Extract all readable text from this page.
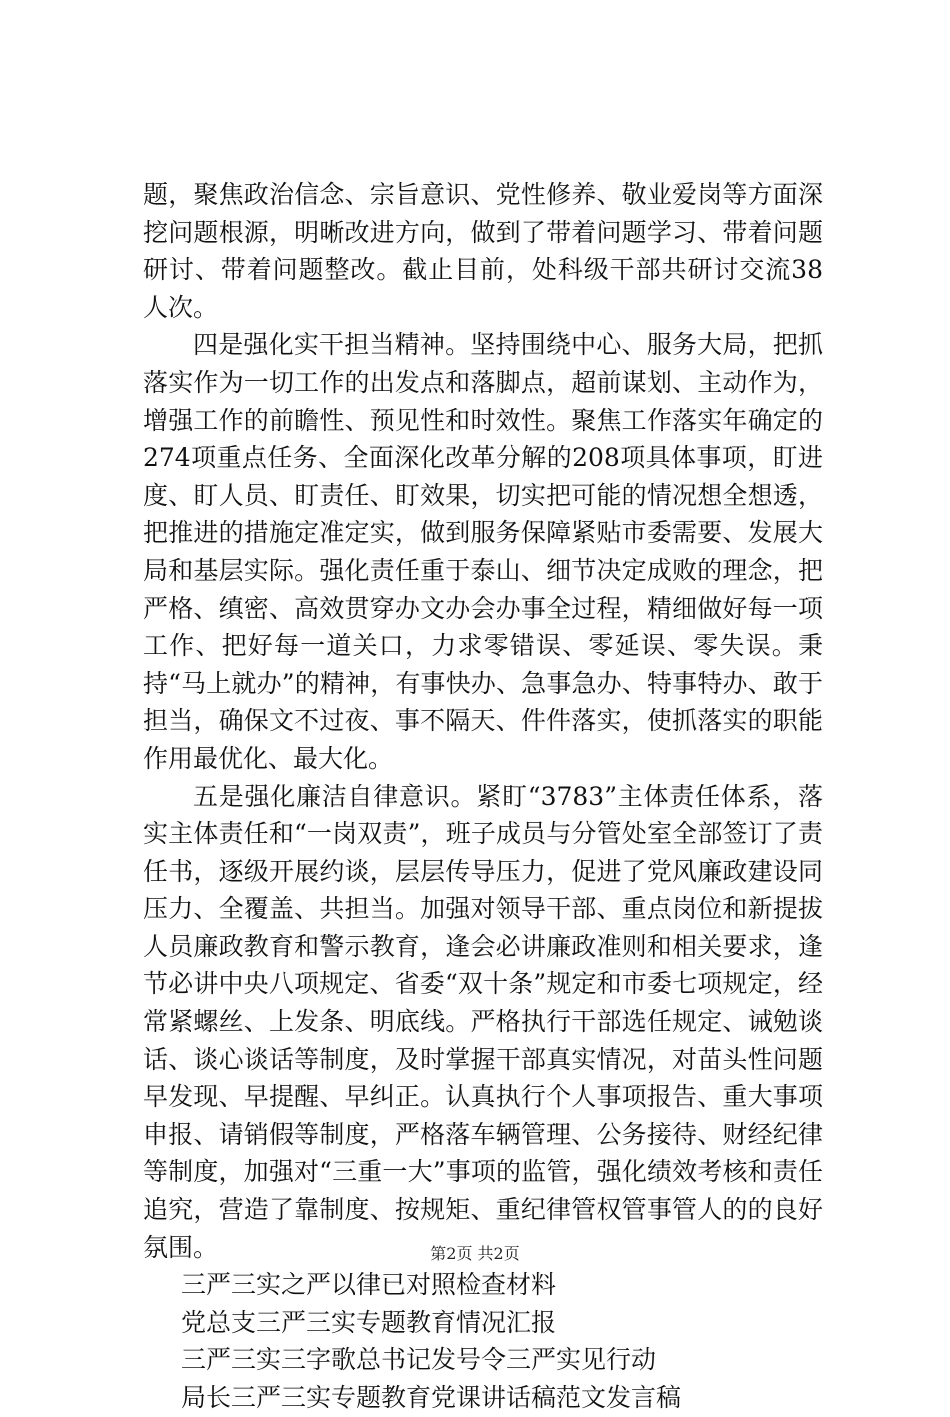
题，聚焦政治信念、宗旨意识、党性修养、敬业爱岗等方面深挖问题根源，明晰改进方向，做到了带着问题学习、带着问题研讨、带着问题整改。截止目前，处科级干部共研讨交流38人次。

四是强化实干担当精神。坚持围绕中心、服务大局，把抓落实作为一切工作的出发点和落脚点，超前谋划、主动作为，增强工作的前瞻性、预见性和时效性。聚焦工作落实年确定的274项重点任务、全面深化改革分解的208项具体事项，盯进度、盯人员、盯责任、盯效果，切实把可能的情况想全想透，把推进的措施定准定实，做到服务保障紧贴市委需要、发展大局和基层实际。强化责任重于泰山、细节决定成败的理念，把严格、缜密、高效贯穿办文办会办事全过程，精细做好每一项工作、把好每一道关口，力求零错误、零延误、零失误。秉持“马上就办”的精神，有事快办、急事急办、特事特办、敢于担当，确保文不过夜、事不隔天、件件落实，使抓落实的职能作用最优化、最大化。

五是强化廉洁自律意识。紧盯“3783”主体责任体系，落实主体责任和“一岗双责”，班子成员与分管处室全部签订了责任书，逐级开展约谈，层层传导压力，促进了党风廉政建设同压力、全覆盖、共担当。加强对领导干部、重点岗位和新提拔人员廉政教育和警示教育，逢会必讲廉政准则和相关要求，逢节必讲中央八项规定、省委“双十条”规定和市委七项规定，经常紧螺丝、上发条、明底线。严格执行干部选任规定、诫勉谈话、谈心谈话等制度，及时掌握干部真实情况，对苗头性问题早发现、早提醒、早纠正。认真执行个人事项报告、重大事项申报、请销假等制度，严格落车辆管理、公务接待、财经纪律等制度，加强对“三重一大”事项的监管，强化绩效考核和责任追究，营造了靠制度、按规矩、重纪律管权管事管人的的良好氛围。

三严三实之严以律已对照检查材料
党总支三严三实专题教育情况汇报
三严三实三字歌总书记发号令三严实见行动
局长三严三实专题教育党课讲话稿范文发言稿
第2页 共2页
